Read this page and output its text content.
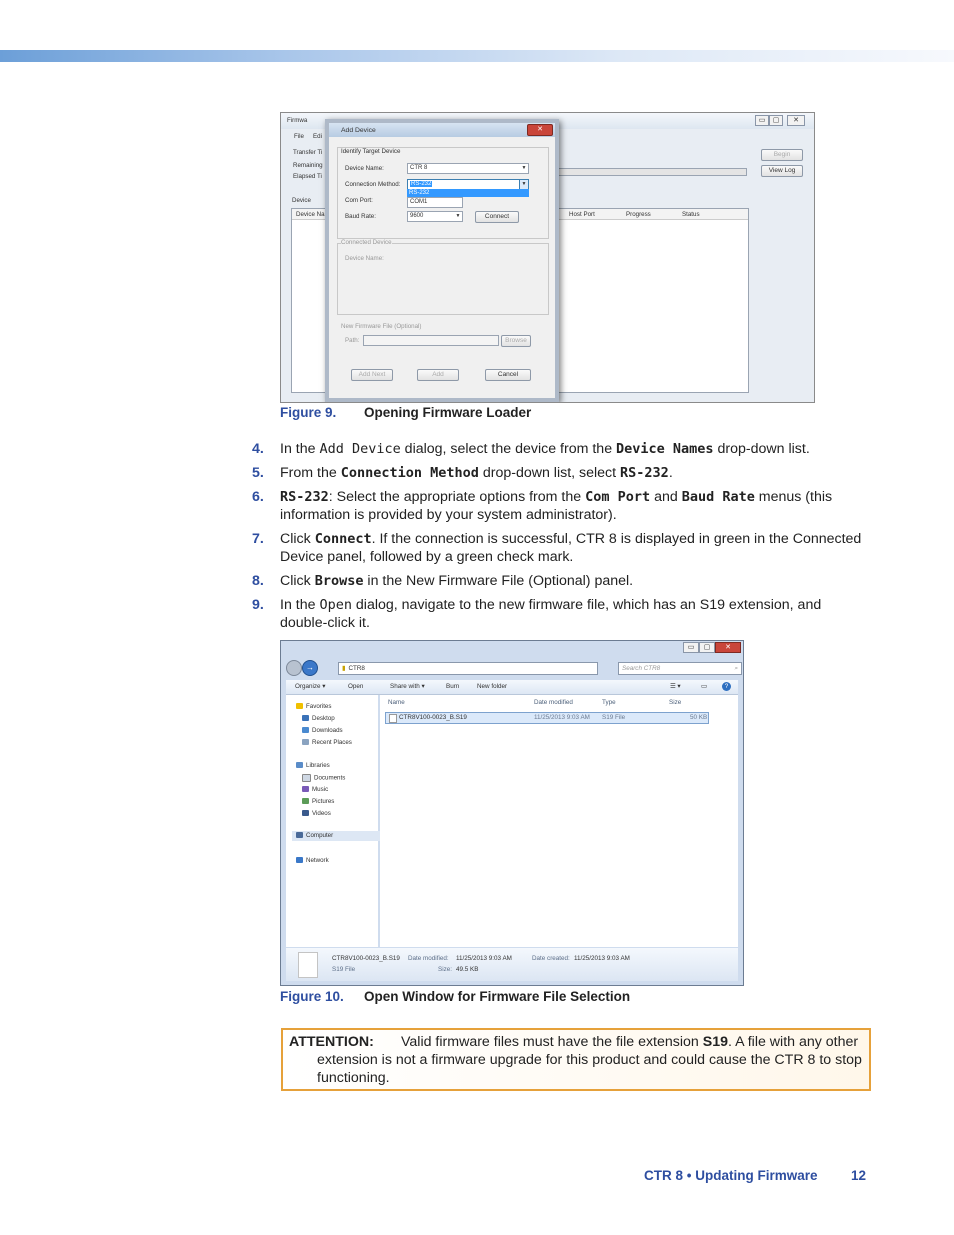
Firmwa	▭	▢	✕
File Edi
Transfer Ti
Remaining
Elapsed Ti
Device
Device Na	Host Port	Progress	Status
Begin
View Log
Add Device	✕
Identify Target Device
Device Name:	CTR 8	▼
Connection Method:	RS-232	▼
RS-232
Com Port:	COM1
Baud Rate:	9600	▼	Connect
Connected Device
Device Name:
New Firmware File (Optional)
Path:	Browse
Add Next	Add	Cancel
Figure 9. Opening Firmware Loader
4. In the Add Device dialog, select the device from the Device Names drop-down list.
5. From the Connection Method drop-down list, select RS-232.
6. RS-232: Select the appropriate options from the Com Port and Baud Rate menus (this information is provided by your system administrator).
7. Click Connect. If the connection is successful, CTR 8 is displayed in green in the Connected Device panel, followed by a green check mark.
8. Click Browse in the New Firmware File (Optional) panel.
9. In the Open dialog, navigate to the new firmware file, which has an S19 extension, and double-click it.
▭	▢	✕
→	▮ CTR8	Search CTR8	⌕
Organize ▾	Open	Share with ▾	Burn	New folder	☰ ▾	▭	?
Favorites
Desktop
Downloads
Recent Places
Libraries
Documents
Music
Pictures
Videos
Computer
Network
Name	Date modified	Type	Size
CTR8V100-0023_B.S19	11/25/2013 9:03 AM S19 File	50 KB
CTR8V100-0023_B.S19 Date modified: 11/25/2013 9:03 AM	Date created: 11/25/2013 9:03 AM
S19 File	Size: 49.5 KB
Figure 10. Open Window for Firmware File Selection
ATTENTION: Valid firmware files must have the file extension S19. A file with any other extension is not a firmware upgrade for this product and could cause the CTR 8 to stop functioning.
CTR 8 • Updating Firmware 12
